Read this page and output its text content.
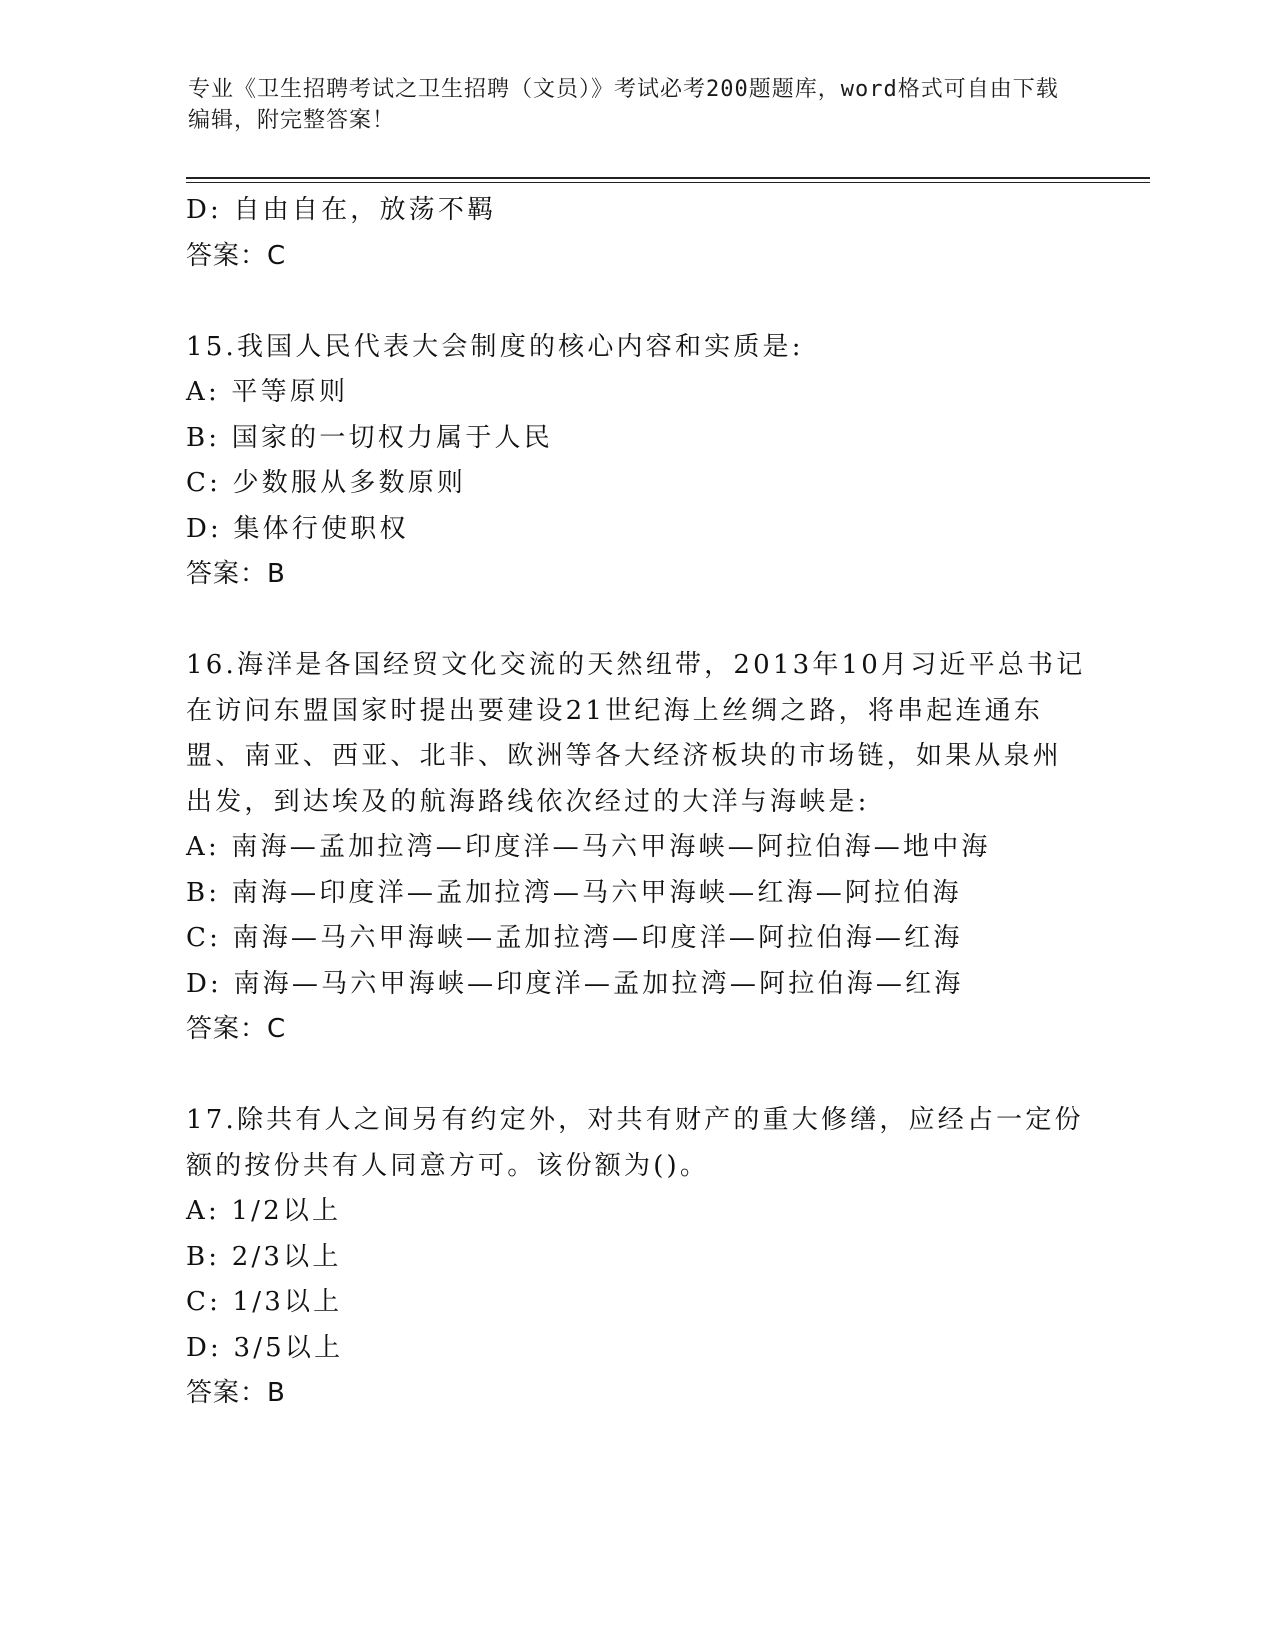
专业《卫生招聘考试之卫生招聘（文员）》考试必考200题题库，word格式可自由下载编辑，附完整答案！
D: 自由自在，放荡不羁
答案：C
15.我国人民代表大会制度的核心内容和实质是:
A: 平等原则
B: 国家的一切权力属于人民
C: 少数服从多数原则
D: 集体行使职权
答案：B
16.海洋是各国经贸文化交流的天然纽带，2013年10月习近平总书记在访问东盟国家时提出要建设21世纪海上丝绸之路，将串起连通东盟、南亚、西亚、北非、欧洲等各大经济板块的市场链，如果从泉州出发，到达埃及的航海路线依次经过的大洋与海峡是:
A: 南海—孟加拉湾—印度洋—马六甲海峡—阿拉伯海—地中海
B: 南海—印度洋—孟加拉湾—马六甲海峡—红海—阿拉伯海
C: 南海—马六甲海峡—孟加拉湾—印度洋—阿拉伯海—红海
D: 南海—马六甲海峡—印度洋—孟加拉湾—阿拉伯海—红海
答案：C
17.除共有人之间另有约定外，对共有财产的重大修缮，应经占一定份额的按份共有人同意方可。该份额为()。
A: 1/2以上
B: 2/3以上
C: 1/3以上
D: 3/5以上
答案：B
